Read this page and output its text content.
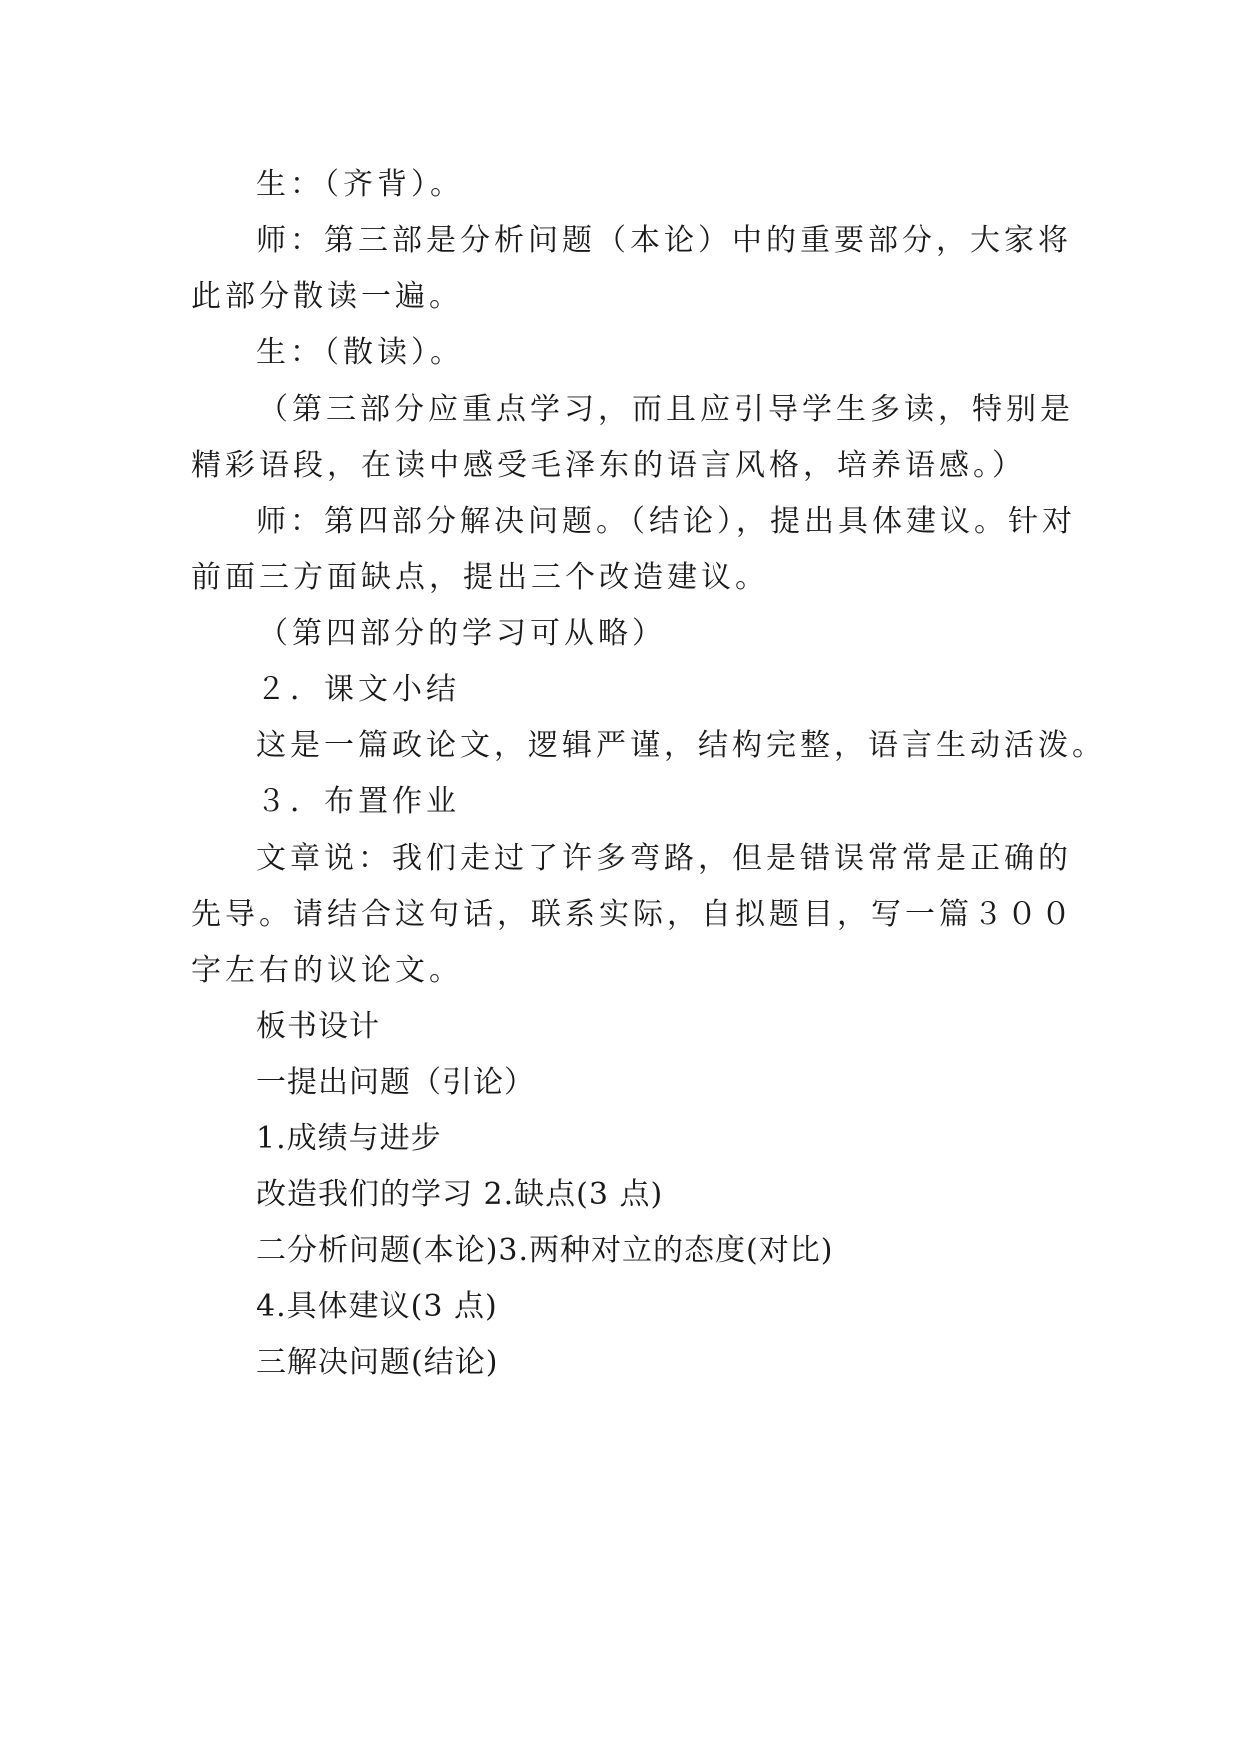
生：（齐背）。
师：第三部是分析问题（本论）中的重要部分，大家将
此部分散读一遍。
生：（散读）。
（第三部分应重点学习，而且应引导学生多读，特别是
精彩语段，在读中感受毛泽东的语言风格，培养语感。）
师：第四部分解决问题。（结论），提出具体建议。针对
前面三方面缺点，提出三个改造建议。
（第四部分的学习可从略）
２．课文小结
这是一篇政论文，逻辑严谨，结构完整，语言生动活泼。
３．布置作业
文章说：我们走过了许多弯路，但是错误常常是正确的
先导。请结合这句话，联系实际，自拟题目，写一篇３００
字左右的议论文。
板书设计
一提出问题（引论）
1.成绩与进步
改造我们的学习 2.缺点(3 点)
二分析问题(本论)3.两种对立的态度(对比)
4.具体建议(3 点)
三解决问题(结论)
